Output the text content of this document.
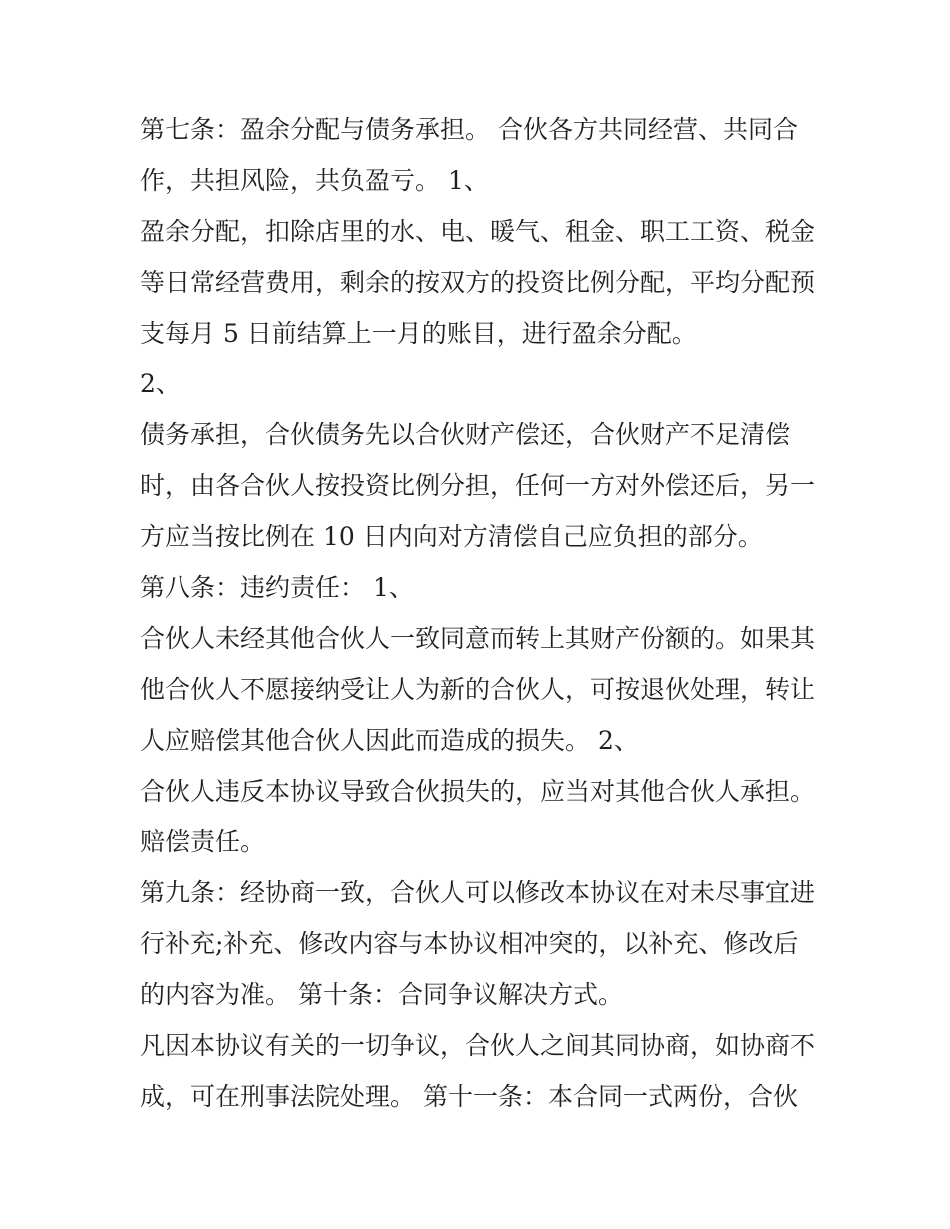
第七条：盈余分配与债务承担。 合伙各方共同经营、共同合
作，共担风险，共负盈亏。 1、
盈余分配，扣除店里的水、电、暖气、租金、职工工资、税金
等日常经营费用，剩余的按双方的投资比例分配，平均分配预
支每月 5 日前结算上一月的账目，进行盈余分配。
2、
债务承担，合伙债务先以合伙财产偿还，合伙财产不足清偿
时，由各合伙人按投资比例分担，任何一方对外偿还后，另一
方应当按比例在 10 日内向对方清偿自己应负担的部分。
第八条：违约责任： 1、
合伙人未经其他合伙人一致同意而转上其财产份额的。如果其
他合伙人不愿接纳受让人为新的合伙人，可按退伙处理，转让
人应赔偿其他合伙人因此而造成的损失。 2、
合伙人违反本协议导致合伙损失的，应当对其他合伙人承担。
赔偿责任。
第九条：经协商一致，合伙人可以修改本协议在对未尽事宜进
行补充;补充、修改内容与本协议相冲突的，以补充、修改后
的内容为准。 第十条：合同争议解决方式。
凡因本协议有关的一切争议，合伙人之间其同协商，如协商不
成，可在刑事法院处理。 第十一条：本合同一式两份，合伙
